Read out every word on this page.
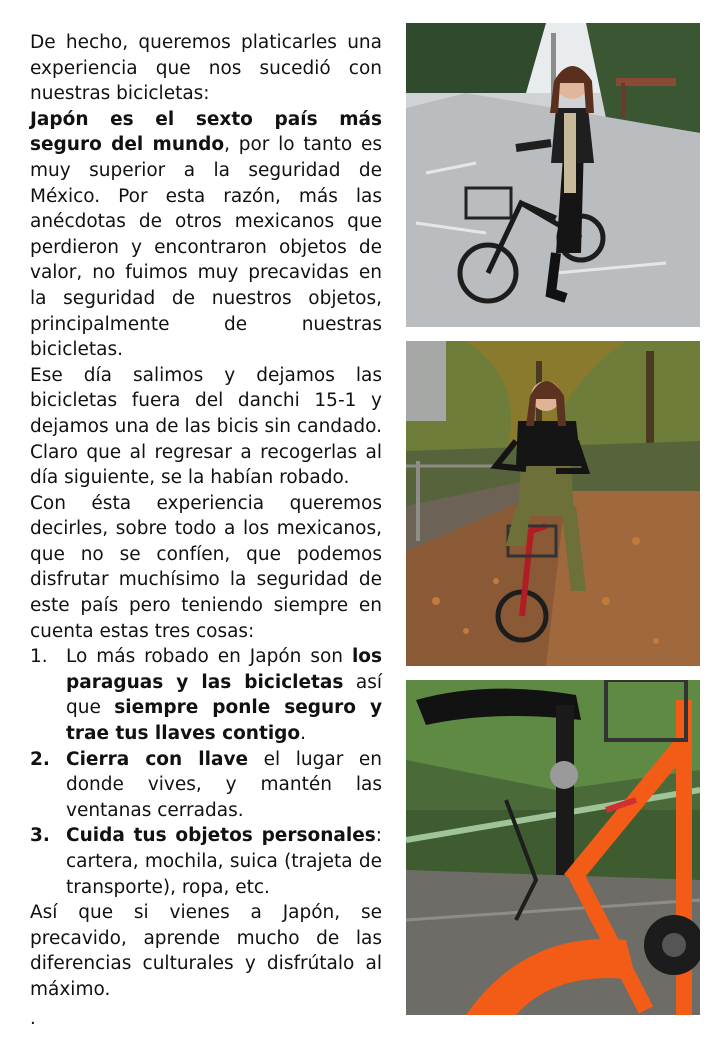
De hecho, queremos platicarles una experiencia que nos sucedió con nuestras bicicletas:

Japón es el sexto país más seguro del mundo, por lo tanto es muy superior a la seguridad de México. Por esta razón, más las anécdotas de otros mexicanos que perdieron y encontraron objetos de valor, no fuimos muy precavidas en la seguridad de nuestros objetos, principalmente de nuestras bicicletas.

Ese día salimos y dejamos las bicicletas fuera del danchi 15-1 y dejamos una de las bicis sin candado. Claro que al regresar a recogerlas al día siguiente, se la habían robado.

Con ésta experiencia queremos decirles, sobre todo a los mexicanos, que no se confíen, que podemos disfrutar muchísimo la seguridad de este país pero teniendo siempre en cuenta estas tres cosas:

1. Lo más robado en Japón son los paraguas y las bicicletas así que siempre ponle seguro y trae tus llaves contigo.
2. Cierra con llave el lugar en donde vives, y mantén las ventanas cerradas.
3. Cuida tus objetos personales: cartera, mochila, suica (trajeta de transporte), ropa, etc.

Así que si vienes a Japón, se precavido, aprende mucho de las diferencias culturales y disfrútalo al máximo.

.
